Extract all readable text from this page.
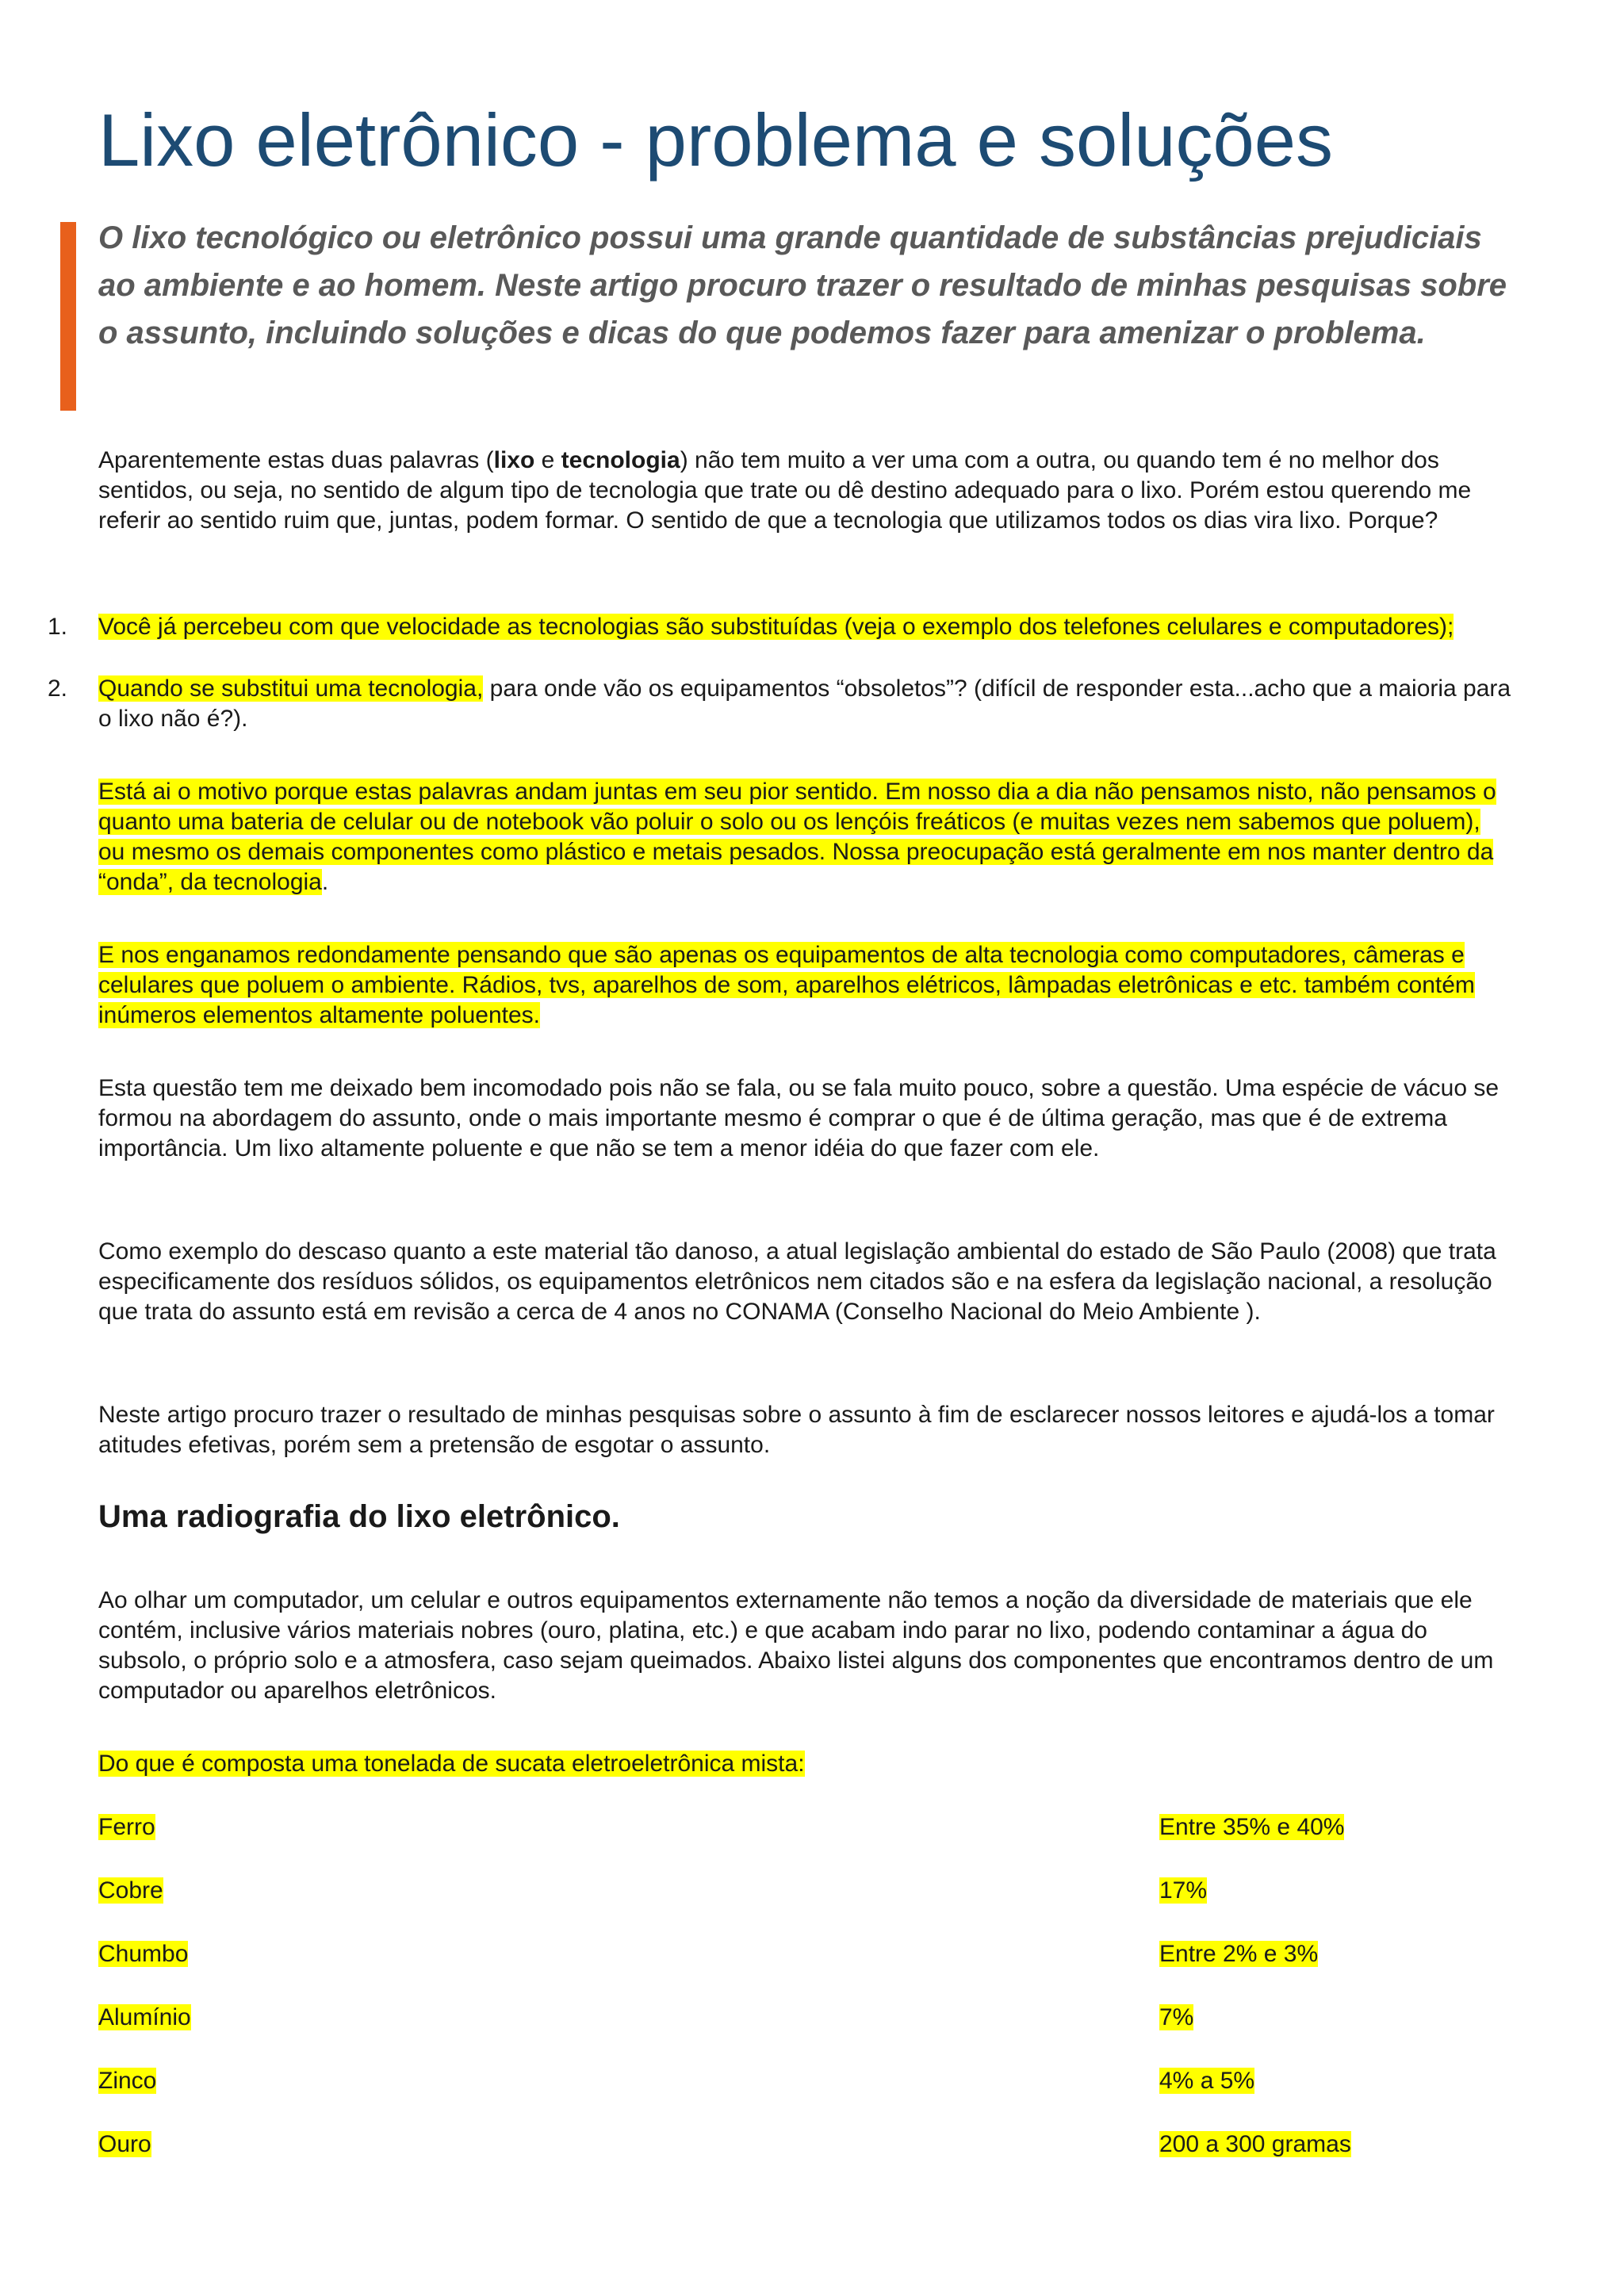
Lixo eletrônico - problema e soluções

O lixo tecnológico ou eletrônico possui uma grande quantidade de substâncias prejudiciais ao ambiente e ao homem. Neste artigo procuro trazer o resultado de minhas pesquisas sobre o assunto, incluindo soluções e dicas do que podemos fazer para amenizar o problema.

Aparentemente estas duas palavras (lixo e tecnologia) não tem muito a ver uma com a outra, ou quando tem é no melhor dos sentidos, ou seja, no sentido de algum tipo de tecnologia que trate ou dê destino adequado para o lixo. Porém estou querendo me referir ao sentido ruim que, juntas, podem formar. O sentido de que a tecnologia que utilizamos todos os dias vira lixo. Porque?

1.	Você já percebeu com que velocidade as tecnologias são substituídas (veja o exemplo dos telefones celulares e computadores);
2.	Quando se substitui uma tecnologia, para onde vão os equipamentos “obsoletos”? (difícil de responder esta...acho que a maioria para o lixo não é?).

Está ai o motivo porque estas palavras andam juntas em seu pior sentido. Em nosso dia a dia não pensamos nisto, não pensamos o quanto uma bateria de celular ou de notebook vão poluir o solo ou os lençóis freáticos (e muitas vezes nem sabemos que poluem), ou mesmo os demais componentes como plástico e metais pesados. Nossa preocupação está geralmente em nos manter dentro da “onda”, da tecnologia.

E nos enganamos redondamente pensando que são apenas os equipamentos de alta tecnologia como computadores, câmeras e celulares que poluem o ambiente. Rádios, tvs, aparelhos de som, aparelhos elétricos, lâmpadas eletrônicas e etc. também contém inúmeros elementos altamente poluentes.

Esta questão tem me deixado bem incomodado pois não se fala, ou se fala muito pouco, sobre a questão. Uma espécie de vácuo se formou na abordagem do assunto, onde o mais importante mesmo é comprar o que é de última geração, mas que é de extrema importância. Um lixo altamente poluente e que não se tem a menor idéia do que fazer com ele.

Como exemplo do descaso quanto a este material tão danoso, a atual legislação ambiental do estado de São Paulo (2008) que trata especificamente dos resíduos sólidos, os equipamentos eletrônicos nem citados são e na esfera da legislação nacional, a resolução que trata do assunto está em revisão a cerca de 4 anos no CONAMA (Conselho Nacional do Meio Ambiente ).

Neste artigo procuro trazer o resultado de minhas pesquisas sobre o assunto à fim de esclarecer nossos leitores e ajudá-los a tomar atitudes efetivas, porém sem a pretensão de esgotar o assunto.

Uma radiografia do lixo eletrônico.

Ao olhar um computador, um celular e outros equipamentos externamente não temos a noção da diversidade de materiais que ele contém, inclusive vários materiais nobres (ouro, platina, etc.) e que acabam indo parar no lixo, podendo contaminar a água do subsolo, o próprio solo e a atmosfera, caso sejam queimados. Abaixo listei alguns dos componentes que encontramos dentro de um computador ou aparelhos eletrônicos.

Do que é composta uma tonelada de sucata eletroeletrônica mista:

Ferro	Entre 35% e 40%
Cobre	17%
Chumbo	Entre 2% e 3%
Alumínio	7%
Zinco	4% a 5%
Ouro	200 a 300 gramas
